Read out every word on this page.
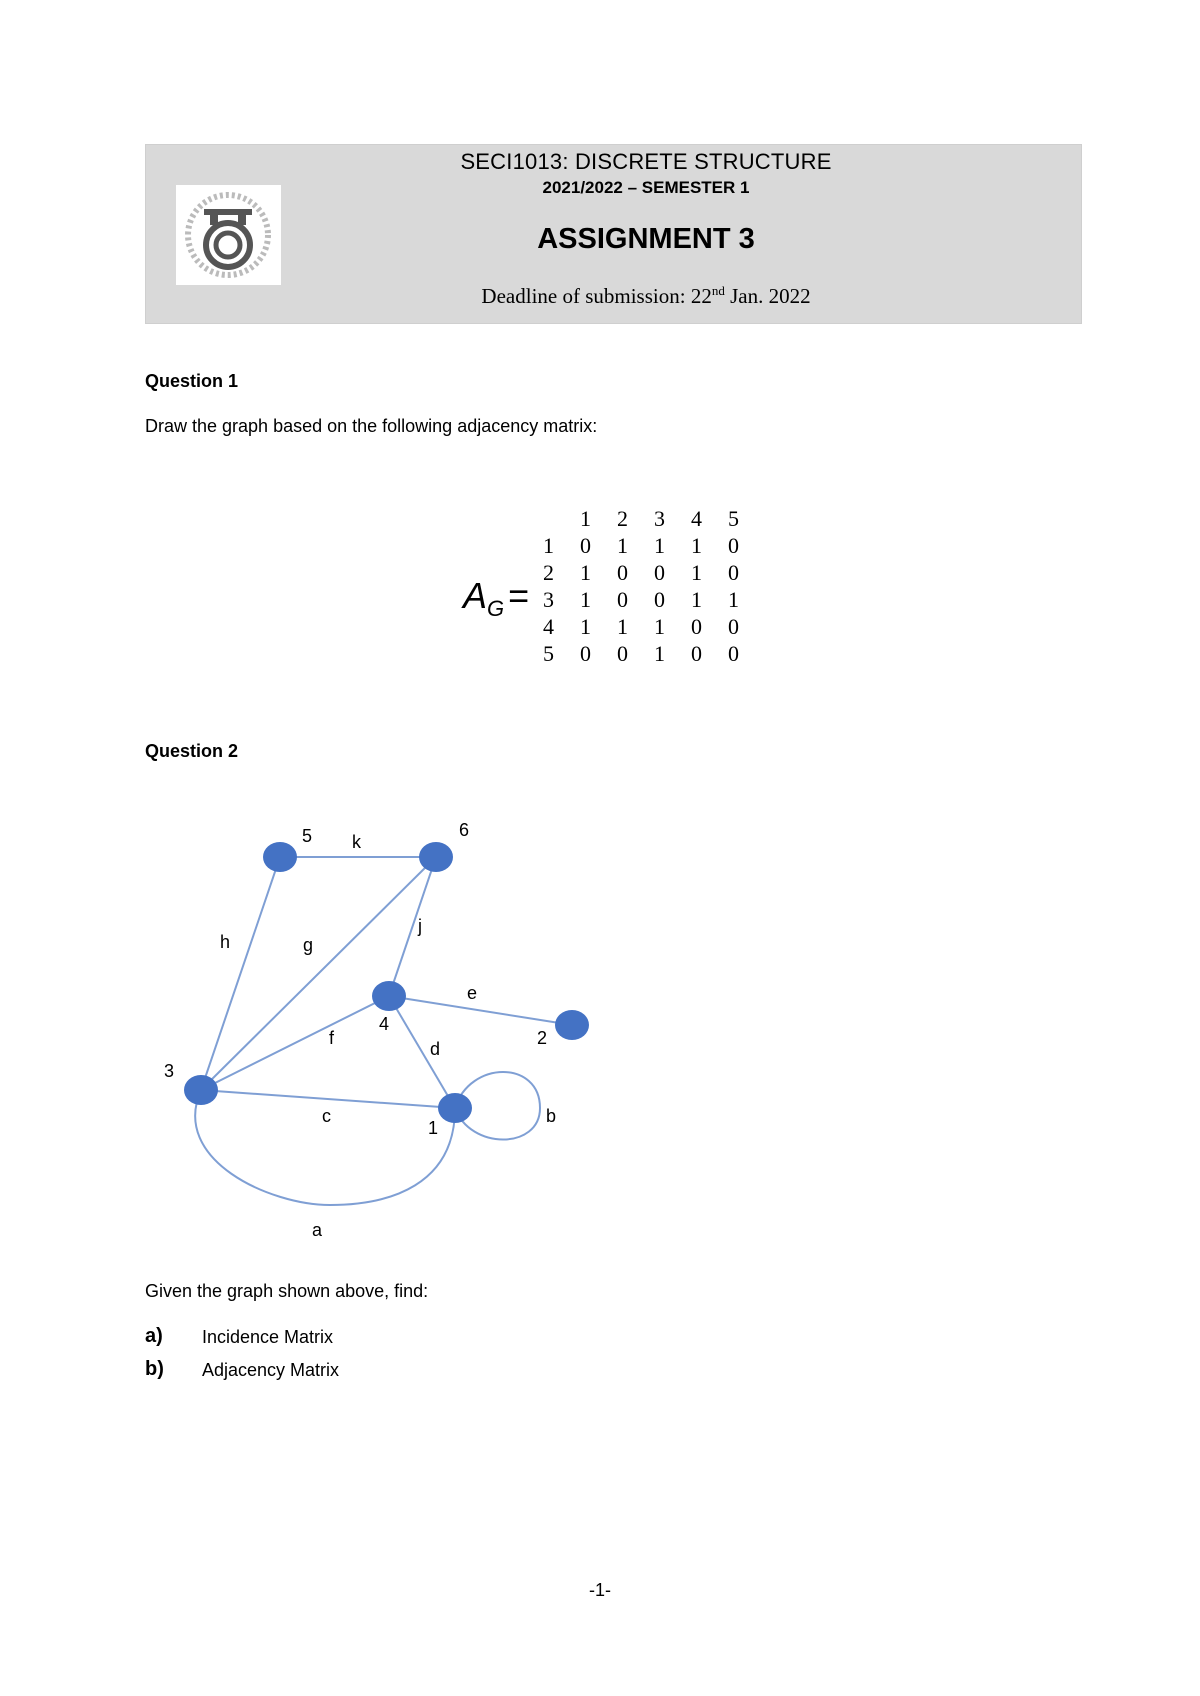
SECI1013: DISCRETE STRUCTURE
2021/2022 – SEMESTER 1
ASSIGNMENT 3
Deadline of submission: 22nd Jan. 2022
Question 1
Draw the graph based on the following adjacency matrix:
$A_G$ =
	1	2	3	4	5
1	0	1	1	1	0
2	1	0	0	1	0
3	1	0	0	1	1
4	1	1	1	0	0
5	0	0	1	0	0
Question 2
5	6
4
2
3
1
k
h	g
j
e
f
d
c	b
a
Given the graph shown above, find:
a) Incidence Matrix
b) Adjacency Matrix
-1-
